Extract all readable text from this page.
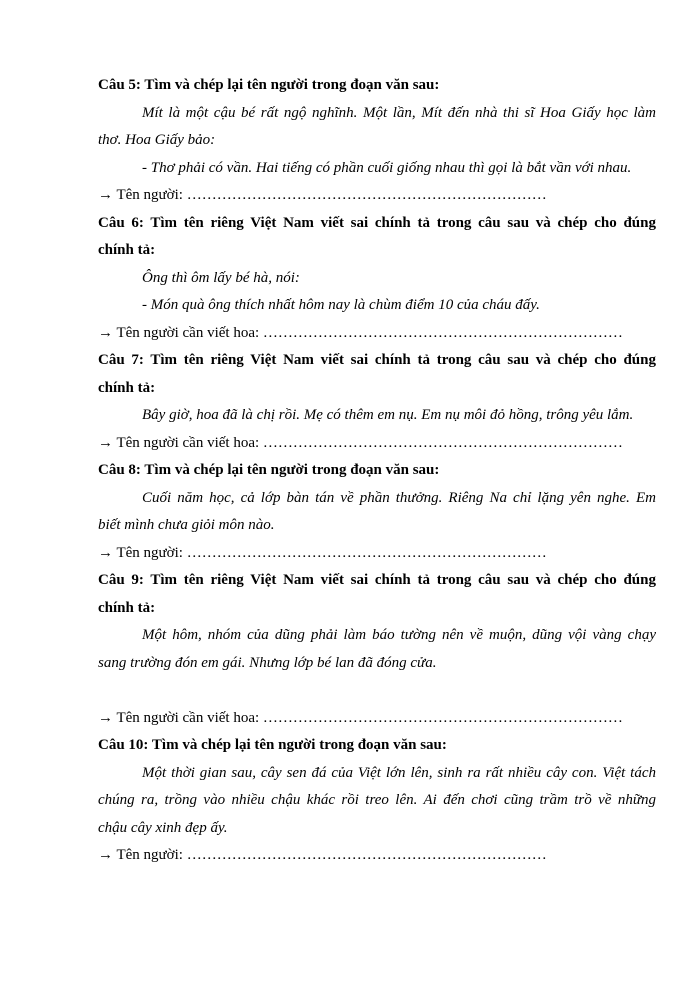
Câu 5: Tìm và chép lại tên người trong đoạn văn sau:
Mít là một cậu bé rất ngộ nghĩnh. Một lần, Mít đến nhà thi sĩ Hoa Giấy học làm
thơ. Hoa Giấy bảo:
- Thơ phải có vần. Hai tiếng có phần cuối giống nhau thì gọi là bắt vần với nhau.
→ Tên người: ………………………………………………………………
Câu 6: Tìm tên riêng Việt Nam viết sai chính tả trong câu sau và chép cho đúng
chính tả:
Ông thì ôm lấy bé hà, nói:
- Món quà ông thích nhất hôm nay là chùm điểm 10 của cháu đấy.
→ Tên người cần viết hoa: ………………………………………………………………
Câu 7: Tìm tên riêng Việt Nam viết sai chính tả trong câu sau và chép cho đúng
chính tả:
Bây giờ, hoa đã là chị rồi. Mẹ có thêm em nụ. Em nụ môi đỏ hồng, trông yêu lắm.
→ Tên người cần viết hoa: ………………………………………………………………
Câu 8: Tìm và chép lại tên người trong đoạn văn sau:
Cuối năm học, cả lớp bàn tán về phần thưởng. Riêng Na chỉ lặng yên nghe. Em
biết mình chưa giỏi môn nào.
→ Tên người: ………………………………………………………………
Câu 9: Tìm tên riêng Việt Nam viết sai chính tả trong câu sau và chép cho đúng
chính tả:
Một hôm, nhóm của dũng phải làm báo tường nên về muộn, dũng vội vàng chạy
sang trường đón em gái. Nhưng lớp bé lan đã đóng cửa.
→ Tên người cần viết hoa: ………………………………………………………………
Câu 10: Tìm và chép lại tên người trong đoạn văn sau:
Một thời gian sau, cây sen đá của Việt lớn lên, sinh ra rất nhiều cây con. Việt tách
chúng ra, trồng vào nhiều chậu khác rồi treo lên. Ai đến chơi cũng trầm trồ về những
chậu cây xinh đẹp ấy.
→ Tên người: ………………………………………………………………
